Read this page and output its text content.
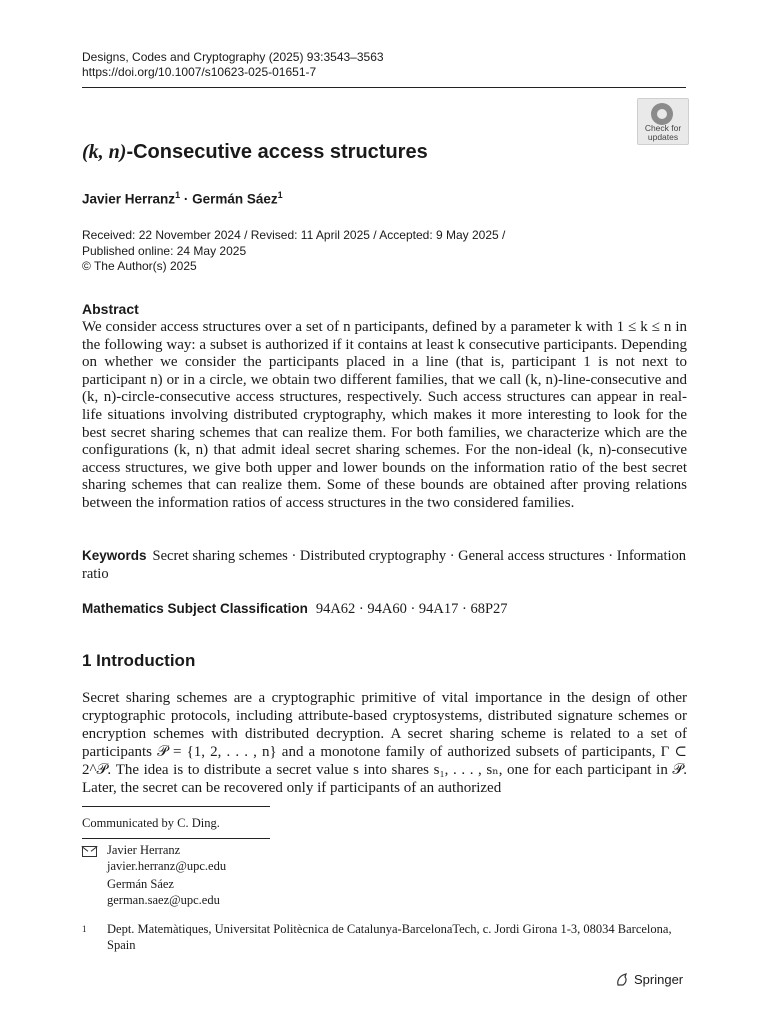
Designs, Codes and Cryptography (2025) 93:3543–3563
https://doi.org/10.1007/s10623-025-01651-7
Check for updates
(k, n)-Consecutive access structures
Javier Herranz$^1$ · Germán Sáez$^1$
Received: 22 November 2024 / Revised: 11 April 2025 / Accepted: 9 May 2025 /
Published online: 24 May 2025
© The Author(s) 2025
Abstract
We consider access structures over a set of n participants, defined by a parameter k with 1 ≤ k ≤ n in the following way: a subset is authorized if it contains at least k consecutive participants. Depending on whether we consider the participants placed in a line (that is, participant 1 is not next to participant n) or in a circle, we obtain two different families, that we call (k, n)-line-consecutive and (k, n)-circle-consecutive access structures, respectively. Such access structures can appear in real-life situations involving distributed cryptography, which makes it more interesting to look for the best secret sharing schemes that can realize them. For both families, we characterize which are the configurations (k, n) that admit ideal secret sharing schemes. For the non-ideal (k, n)-consecutive access structures, we give both upper and lower bounds on the information ratio of the best secret sharing schemes that can realize them. Some of these bounds are obtained after proving relations between the information ratios of access structures in the two considered families.
Keywords Secret sharing schemes · Distributed cryptography · General access structures · Information ratio
Mathematics Subject Classification 94A62 · 94A60 · 94A17 · 68P27
1 Introduction
Secret sharing schemes are a cryptographic primitive of vital importance in the design of other cryptographic protocols, including attribute-based cryptosystems, distributed signature schemes or encryption schemes with distributed decryption. A secret sharing scheme is related to a set of participants 𝒫 = {1, 2, . . . , n} and a monotone family of authorized subsets of participants, Γ ⊂ 2^𝒫. The idea is to distribute a secret value s into shares s₁, . . . , sₙ, one for each participant in 𝒫. Later, the secret can be recovered only if participants of an authorized
Communicated by C. Ding.
Javier Herranz
javier.herranz@upc.edu
Germán Sáez
german.saez@upc.edu
1 Dept. Matemàtiques, Universitat Politècnica de Catalunya-BarcelonaTech, c. Jordi Girona 1-3, 08034 Barcelona, Spain
Springer
